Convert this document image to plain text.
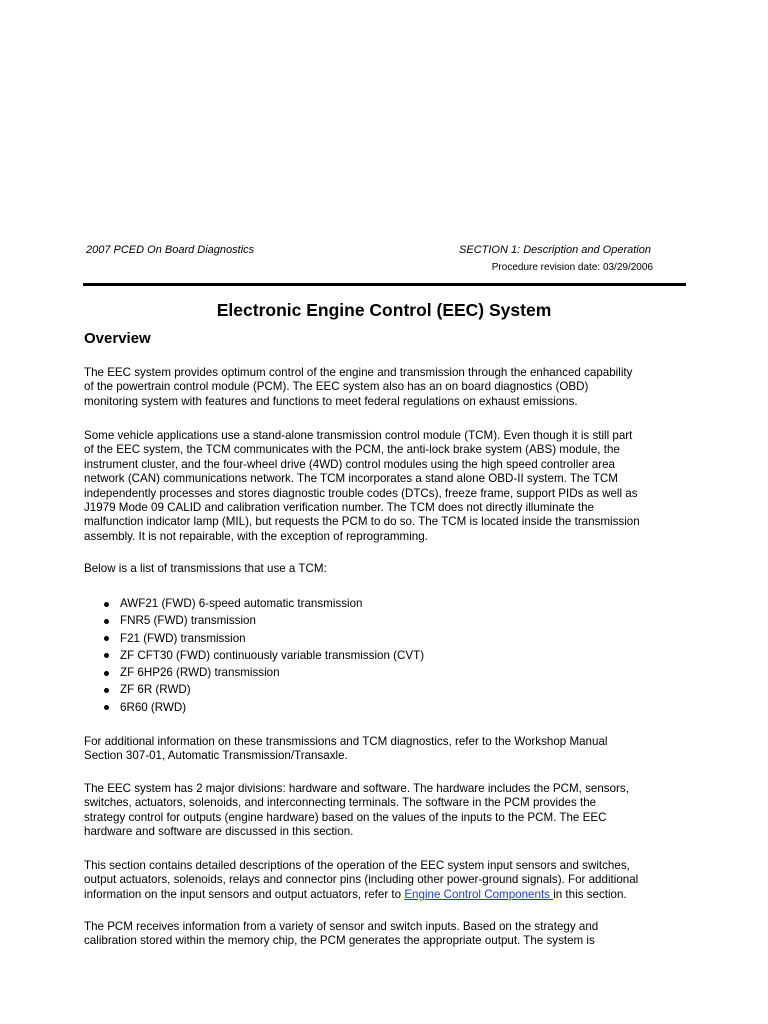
2007 PCED On Board Diagnostics	SECTION 1: Description and Operation
Procedure revision date: 03/29/2006
Electronic Engine Control (EEC) System
Overview

The EEC system provides optimum control of the engine and transmission through the enhanced capability
of the powertrain control module (PCM). The EEC system also has an on board diagnostics (OBD)
monitoring system with features and functions to meet federal regulations on exhaust emissions.

Some vehicle applications use a stand-alone transmission control module (TCM). Even though it is still part
of the EEC system, the TCM communicates with the PCM, the anti-lock brake system (ABS) module, the
instrument cluster, and the four-wheel drive (4WD) control modules using the high speed controller area
network (CAN) communications network. The TCM incorporates a stand alone OBD-II system. The TCM
independently processes and stores diagnostic trouble codes (DTCs), freeze frame, support PIDs as well as
J1979 Mode 09 CALID and calibration verification number. The TCM does not directly illuminate the
malfunction indicator lamp (MIL), but requests the PCM to do so. The TCM is located inside the transmission
assembly. It is not repairable, with the exception of reprogramming.

Below is a list of transmissions that use a TCM:

AWF21 (FWD) 6-speed automatic transmission
FNR5 (FWD) transmission
F21 (FWD) transmission
ZF CFT30 (FWD) continuously variable transmission (CVT)
ZF 6HP26 (RWD) transmission
ZF 6R (RWD)
6R60 (RWD)

For additional information on these transmissions and TCM diagnostics, refer to the Workshop Manual
Section 307-01, Automatic Transmission/Transaxle.

The EEC system has 2 major divisions: hardware and software. The hardware includes the PCM, sensors,
switches, actuators, solenoids, and interconnecting terminals. The software in the PCM provides the
strategy control for outputs (engine hardware) based on the values of the inputs to the PCM. The EEC
hardware and software are discussed in this section.

This section contains detailed descriptions of the operation of the EEC system input sensors and switches,
output actuators, solenoids, relays and connector pins (including other power-ground signals). For additional
information on the input sensors and output actuators, refer to Engine Control Components in this section.

The PCM receives information from a variety of sensor and switch inputs. Based on the strategy and
calibration stored within the memory chip, the PCM generates the appropriate output. The system is
